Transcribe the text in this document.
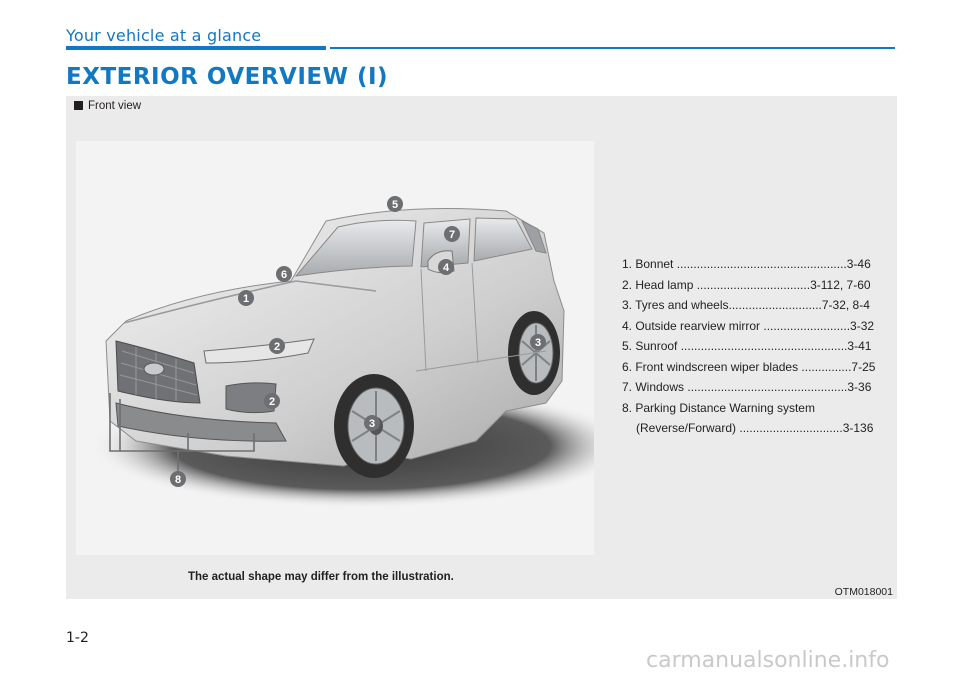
Your vehicle at a glance
EXTERIOR OVERVIEW (I)
Front view
1
2
2
3
3
4
5
6
7
8
1. Bonnet ...................................................3-46
2. Head lamp ..................................3-112, 7-60
3. Tyres and wheels............................7-32, 8-4
4. Outside rearview mirror ..........................3-32
5. Sunroof ..................................................3-41
6. Front windscreen wiper blades ...............7-25
7. Windows ................................................3-36
8. Parking Distance Warning system
(Reverse/Forward) ...............................3-136
The actual shape may differ from the illustration.
OTM018001
1-2
carmanualsonline.info
